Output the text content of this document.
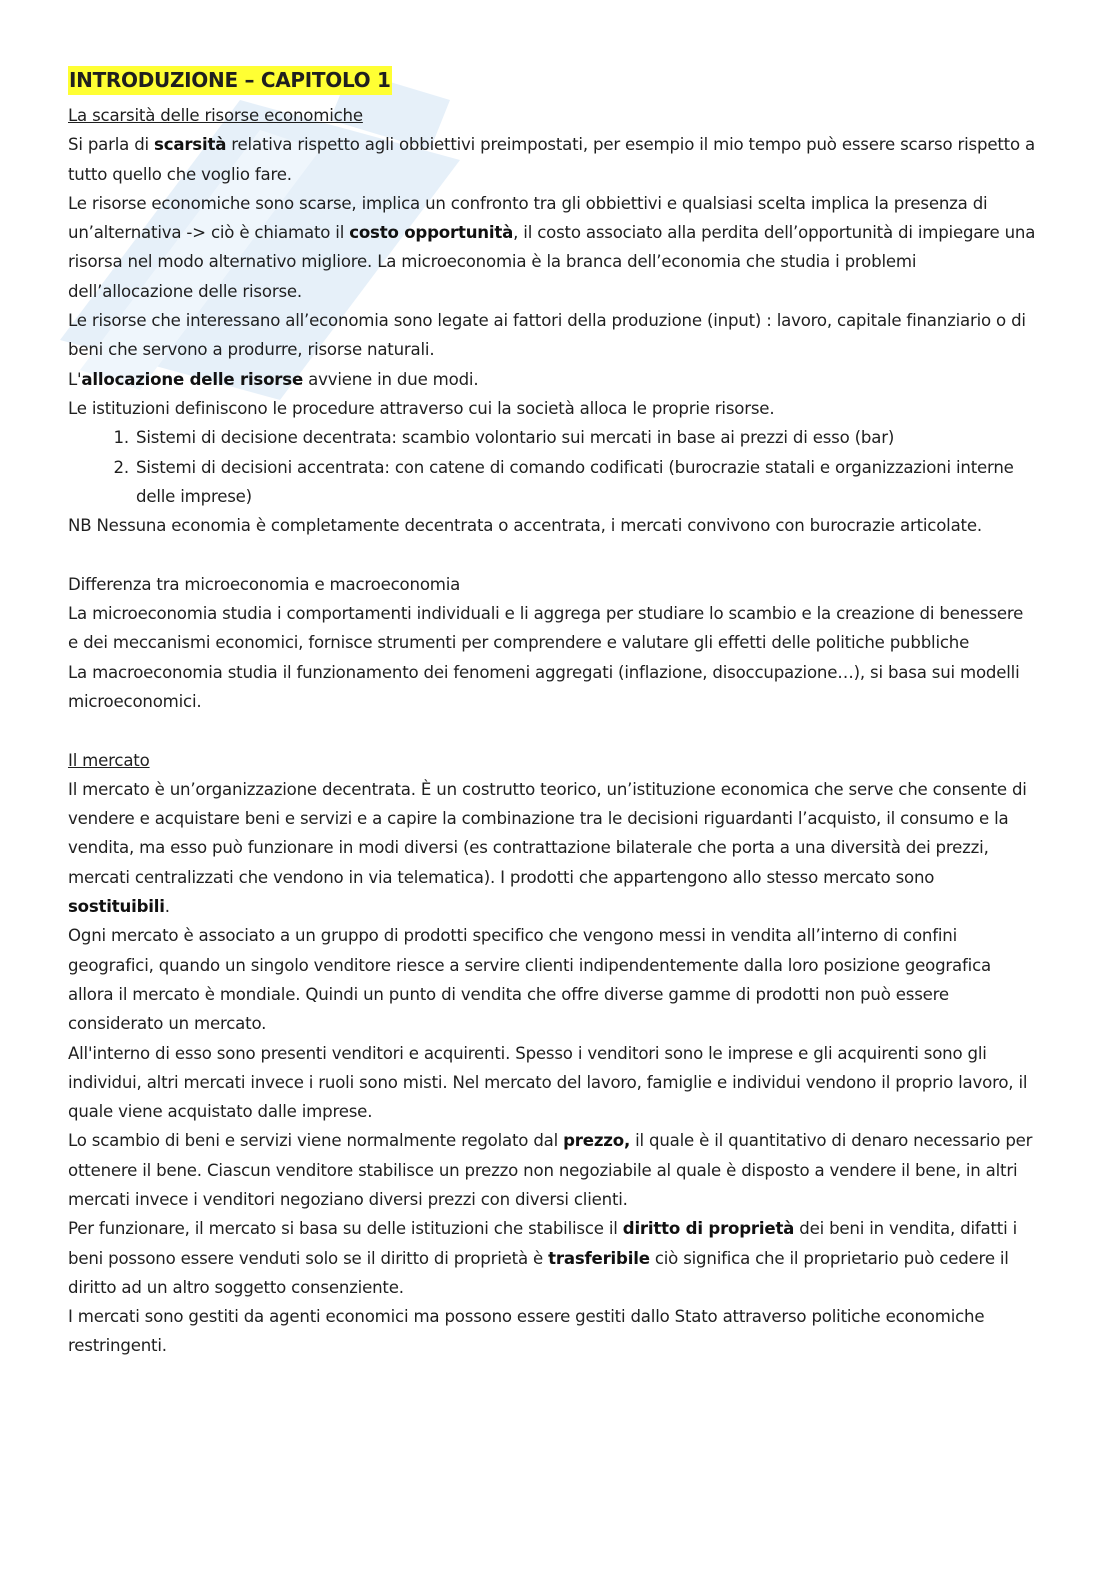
INTRODUZIONE – CAPITOLO 1

La scarsità delle risorse economiche

Si parla di scarsità relativa rispetto agli obbiettivi preimpostati, per esempio il mio tempo può essere scarso rispetto a tutto quello che voglio fare.

Le risorse economiche sono scarse, implica un confronto tra gli obbiettivi e qualsiasi scelta implica la presenza di un’alternativa -> ciò è chiamato il costo opportunità, il costo associato alla perdita dell’opportunità di impiegare una risorsa nel modo alternativo migliore. La microeconomia è la branca dell’economia che studia i problemi dell’allocazione delle risorse.

Le risorse che interessano all’economia sono legate ai fattori della produzione (input) : lavoro, capitale finanziario o di beni che servono a produrre, risorse naturali.

L'allocazione delle risorse avviene in due modi.

Le istituzioni definiscono le procedure attraverso cui la società alloca le proprie risorse.

1. Sistemi di decisione decentrata: scambio volontario sui mercati in base ai prezzi di esso (bar)
2. Sistemi di decisioni accentrata: con catene di comando codificati (burocrazie statali e organizzazioni interne delle imprese)

NB Nessuna economia è completamente decentrata o accentrata, i mercati convivono con burocrazie articolate.

Differenza tra microeconomia e macroeconomia

La microeconomia studia i comportamenti individuali e li aggrega per studiare lo scambio e la creazione di benessere e dei meccanismi economici, fornisce strumenti per comprendere e valutare gli effetti delle politiche pubbliche

La macroeconomia studia il funzionamento dei fenomeni aggregati (inflazione, disoccupazione…), si basa sui modelli microeconomici.

Il mercato

Il mercato è un’organizzazione decentrata. È un costrutto teorico, un’istituzione economica che serve che consente di vendere e acquistare beni e servizi e a capire la combinazione tra le decisioni riguardanti l’acquisto, il consumo e la vendita, ma esso può funzionare in modi diversi (es contrattazione bilaterale che porta a una diversità dei prezzi, mercati centralizzati che vendono in via telematica). I prodotti che appartengono allo stesso mercato sono sostituibili.

Ogni mercato è associato a un gruppo di prodotti specifico che vengono messi in vendita all’interno di confini geografici, quando un singolo venditore riesce a servire clienti indipendentemente dalla loro posizione geografica allora il mercato è mondiale. Quindi un punto di vendita che offre diverse gamme di prodotti non può essere considerato un mercato.

All'interno di esso sono presenti venditori e acquirenti. Spesso i venditori sono le imprese e gli acquirenti sono gli individui, altri mercati invece i ruoli sono misti. Nel mercato del lavoro, famiglie e individui vendono il proprio lavoro, il quale viene acquistato dalle imprese.

Lo scambio di beni e servizi viene normalmente regolato dal prezzo, il quale è il quantitativo di denaro necessario per ottenere il bene. Ciascun venditore stabilisce un prezzo non negoziabile al quale è disposto a vendere il bene, in altri mercati invece i venditori negoziano diversi prezzi con diversi clienti.

Per funzionare, il mercato si basa su delle istituzioni che stabilisce il diritto di proprietà dei beni in vendita, difatti i beni possono essere venduti solo se il diritto di proprietà è trasferibile ciò significa che il proprietario può cedere il diritto ad un altro soggetto consenziente.

I mercati sono gestiti da agenti economici ma possono essere gestiti dallo Stato attraverso politiche economiche restringenti.
